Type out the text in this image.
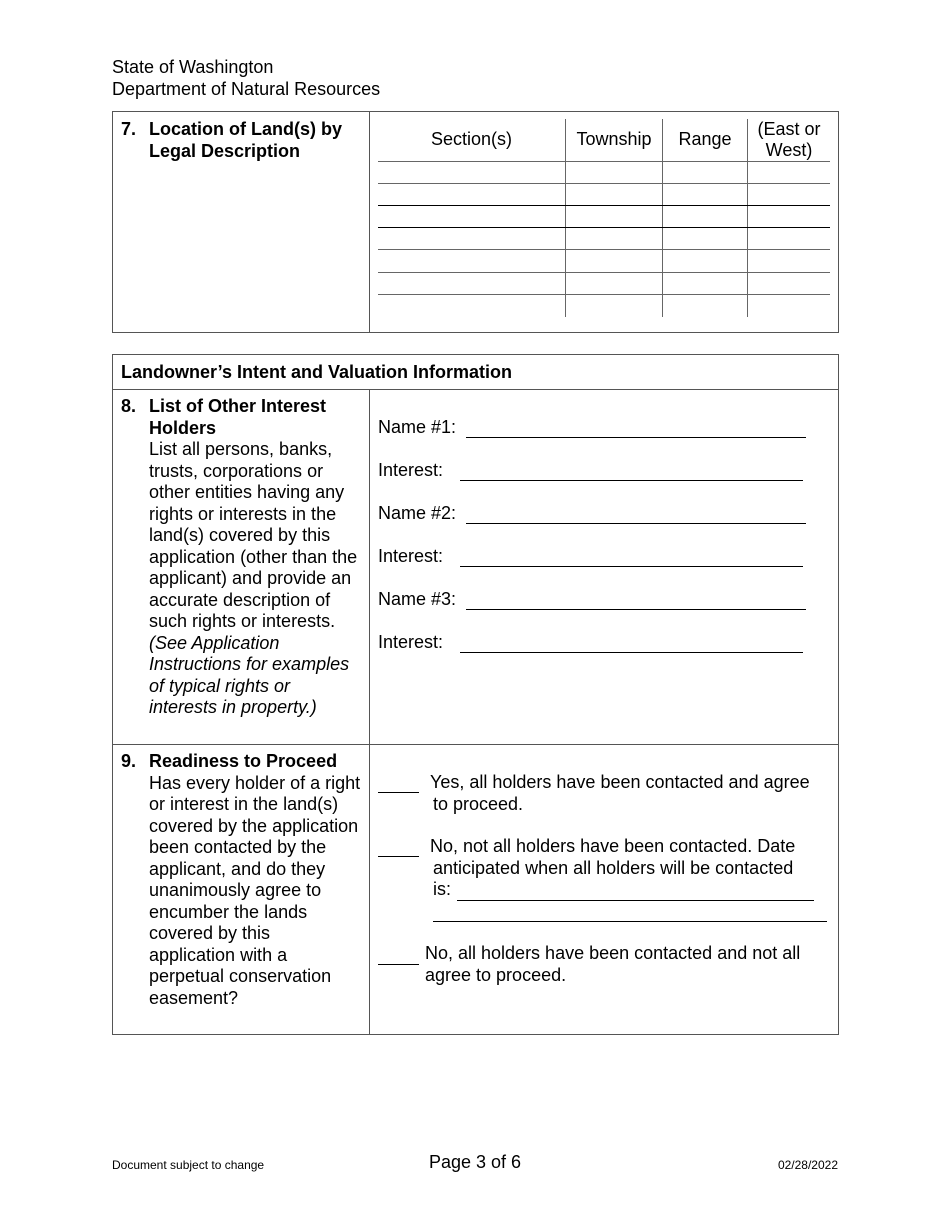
State of Washington
Department of Natural Resources
7. Location of Land(s) by
Legal Description
Section(s)	Township	Range	(East or West)
Landowner’s Intent and Valuation Information
8. List of Other Interest Holders
List all persons, banks, trusts, corporations or other entities having any rights or interests in the land(s) covered by this application (other than the applicant) and provide an accurate description of such rights or interests.
(See Application Instructions for examples of typical rights or interests in property.)
Name #1:
Interest:
Name #2:
Interest:
Name #3:
Interest:
9. Readiness to Proceed
Has every holder of a right or interest in the land(s) covered by the application been contacted by the applicant, and do they unanimously agree to encumber the lands covered by this application with a perpetual conservation easement?
Yes, all holders have been contacted and agree
to proceed.
No, not all holders have been contacted. Date
anticipated when all holders will be contacted
is:
No, all holders have been contacted and not all
agree to proceed.
Document subject to change	Page 3 of 6	02/28/2022
